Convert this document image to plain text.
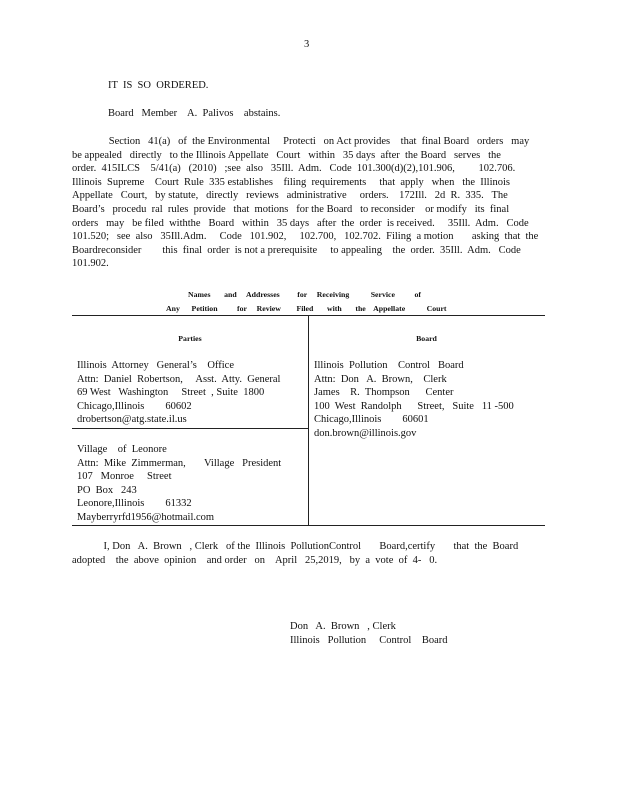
3
IT  IS  SO  ORDERED.
Board   Member    A.  Palivos    abstains.
Section   41(a)   of  the Environmental     Protecti   on Act provides    that  final Board   orders   may
be appealed   directly   to the Illinois Appellate   Court   within   35 days  after  the Board   serves   the
order.  415ILCS    5/41(a)   (2010)   ;see  also   35Ill.  Adm.   Code  101.300(d)(2),101.906,         102.706.
Illinois  Supreme    Court  Rule  335 establishes    filing  requirements     that  apply   when   the  Illinois
Appellate   Court,   by statute,   directly   reviews   administrative     orders.    172Ill.   2d  R.  335.   The
Board’s   procedu  ral  rules  provide   that  motions   for the Board   to reconsider    or modify   its  final
orders   may   be filed  withthe   Board   within   35 days   after  the  order  is received.     35Ill.  Adm.   Code
101.520;   see  also   35Ill.Adm.     Code   101.902,     102.700,   102.702.  Filing  a motion       asking  that  the
Boardreconsider        this  final  order  is not a prerequisite     to appealing    the  order.  35Ill.  Adm.   Code
101.902.
Names       and     Addresses         for     Receiving           Service          of
Any      Petition          for     Review        Filed       with       the    Appellate           Court
Parties	Board
Illinois  Attorney   General’s    Office
Attn:  Daniel  Robertson,     Asst.  Atty.  General
69 West   Washington     Street  , Suite  1800
Chicago,Illinois        60602
drobertson@atg.state.il.us
Village    of  Leonore
Attn:  Mike  Zimmerman,       Village   President
107   Monroe     Street
PO  Box   243
Leonore,Illinois        61332
Mayberryrfd1956@hotmail.com
Illinois  Pollution    Control   Board
Attn:  Don   A.  Brown,    Clerk
James    R.  Thompson      Center
100  West  Randolph      Street,   Suite   11 -500
Chicago,Illinois        60601
don.brown@illinois.gov
I, Don   A.  Brown   , Clerk   of the  Illinois  PollutionControl       Board,certify       that  the  Board
adopted    the  above  opinion    and order   on    April   25,2019,   by  a  vote  of  4-   0.
Don   A.  Brown   , Clerk
Illinois   Pollution     Control    Board
